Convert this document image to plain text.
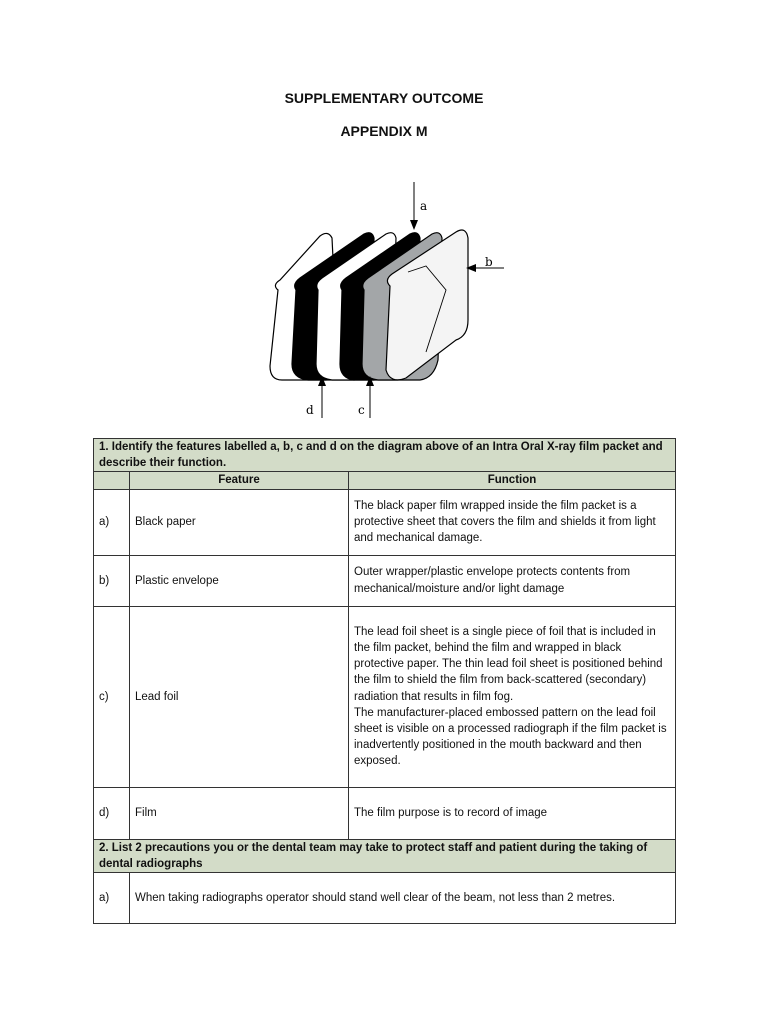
SUPPLEMENTARY OUTCOME
APPENDIX M
a
b
c
d
1. Identify the features labelled a, b, c and d on the diagram above of an Intra Oral X-ray film packet and describe their function.		
	Feature	Function
a)	Black paper	The black paper film wrapped inside the film packet is a protective sheet that covers the film and shields it from light and mechanical damage.
b)	Plastic envelope	Outer wrapper/plastic envelope protects contents from mechanical/moisture and/or light damage
c)	Lead foil	The lead foil sheet is a single piece of foil that is included in the film packet, behind the film and wrapped in black protective paper. The thin lead foil sheet is positioned behind the film to shield the film from back-scattered (secondary) radiation that results in film fog.
The manufacturer-placed embossed pattern on the lead foil sheet is visible on a processed radiograph if the film packet is inadvertently positioned in the mouth backward and then exposed.

d)	Film	The film purpose is to record of image
2. List 2 precautions you or the dental team may take to protect staff and patient during the taking of dental radiographs		
a)	When taking radiographs operator should stand well clear of the beam, not less than 2 metres.	
